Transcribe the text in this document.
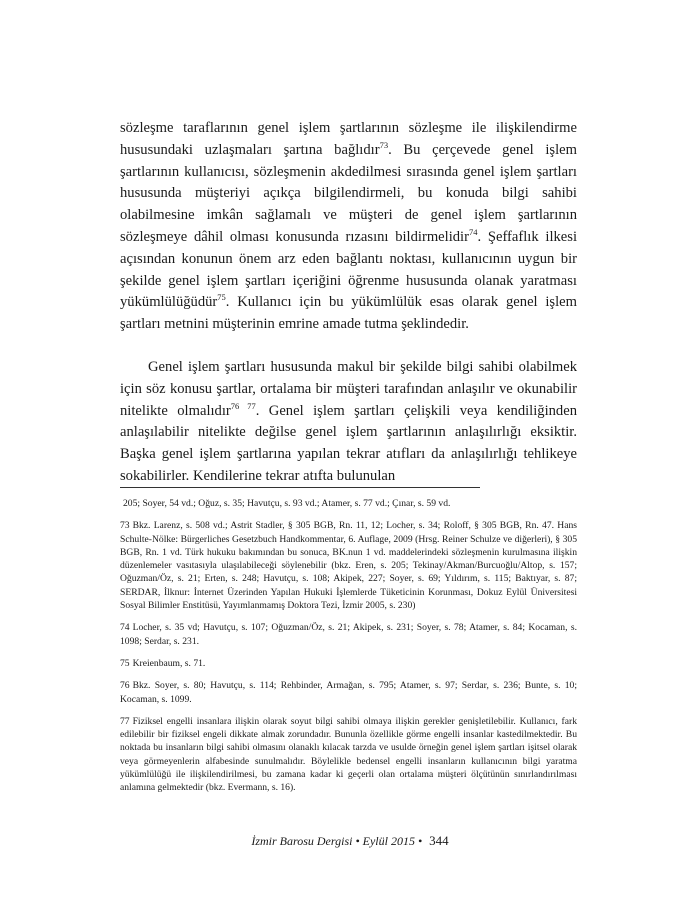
sözleşme taraflarının genel işlem şartlarının sözleşme ile ilişkilendirme hususundaki uzlaşmaları şartına bağlıdır$^{73}$. Bu çerçevede genel işlem şartlarının kullanıcısı, sözleşmenin akdedilmesi sırasında genel işlem şartları hususunda müşteriyi açıkça bilgilendirmeli, bu konuda bilgi sahibi olabilmesine imkân sağlamalı ve müşteri de genel işlem şartlarının sözleşmeye dâhil olması konusunda rızasını bildirmelidir$^{74}$. Şeffaflık ilkesi açısından konunun önem arz eden bağlantı noktası, kullanıcının uygun bir şekilde genel işlem şartları içeriğini öğrenme hususunda olanak yaratması yükümlülüğüdür$^{75}$. Kullanıcı için bu yükümlülük esas olarak genel işlem şartları metnini müşterinin emrine amade tutma şeklindedir.

Genel işlem şartları hususunda makul bir şekilde bilgi sahibi olabilmek için söz konusu şartlar, ortalama bir müşteri tarafından anlaşılır ve okunabilir nitelikte olmalıdır$^{76 77}$. Genel işlem şartları çelişkili veya kendiliğinden anlaşılabilir nitelikte değilse genel işlem şartlarının anlaşılırlığı eksiktir. Başka genel işlem şartlarına yapılan tekrar atıfları da anlaşılırlığı tehlikeye sokabilirler. Kendilerine tekrar atıfta bulunulan

205; Soyer, 54 vd.; Oğuz, s. 35; Havutçu, s. 93 vd.; Atamer, s. 77 vd.; Çınar, s. 59 vd.

73 Bkz. Larenz, s. 508 vd.; Astrit Stadler, § 305 BGB, Rn. 11, 12; Locher, s. 34; Roloff, § 305 BGB, Rn. 47. Hans Schulte-Nölke: Bürgerliches Gesetzbuch Handkommentar, 6. Auflage, 2009 (Hrsg. Reiner Schulze ve diğerleri), § 305 BGB, Rn. 1 vd. Türk hukuku bakımından bu sonuca, BK.nun 1 vd. maddelerindeki sözleşmenin kurulmasına ilişkin düzenlemeler vasıtasıyla ulaşılabileceği söylenebilir (bkz. Eren, s. 205; Tekinay/Akman/Burcuoğlu/Altop, s. 157; Oğuzman/Öz, s. 21; Erten, s. 248; Havutçu, s. 108; Akipek, 227; Soyer, s. 69; Yıldırım, s. 115; Baktıyar, s. 87; SERDAR, İlknur: İnternet Üzerinden Yapılan Hukuki İşlemlerde Tüketicinin Korunması, Dokuz Eylül Üniversitesi Sosyal Bilimler Enstitüsü, Yayımlanmamış Doktora Tezi, İzmir 2005, s. 230)

74 Locher, s. 35 vd; Havutçu, s. 107; Oğuzman/Öz, s. 21; Akipek, s. 231; Soyer, s. 78; Atamer, s. 84; Kocaman, s. 1098; Serdar, s. 231.

75 Kreienbaum, s. 71.

76 Bkz. Soyer, s. 80; Havutçu, s. 114; Rehbinder, Armağan, s. 795; Atamer, s. 97; Serdar, s. 236; Bunte, s. 10; Kocaman, s. 1099.

77 Fiziksel engelli insanlara ilişkin olarak soyut bilgi sahibi olmaya ilişkin gerekler genişletilebilir. Kullanıcı, fark edilebilir bir fiziksel engeli dikkate almak zorundadır. Bununla özellikle görme engelli insanlar kastedilmektedir. Bu noktada bu insanların bilgi sahibi olmasını olanaklı kılacak tarzda ve usulde örneğin genel işlem şartları işitsel olarak veya görmeyenlerin alfabesinde sunulmalıdır. Böylelikle bedensel engelli insanların kullanıcının bilgi yaratma yükümlülüğü ile ilişkilendirilmesi, bu zamana kadar ki geçerli olan ortalama müşteri ölçütünün sınırlandırılması anlamına gelmektedir (bkz. Evermann, s. 16).

İzmir Barosu Dergisi • Eylül 2015 • 344
